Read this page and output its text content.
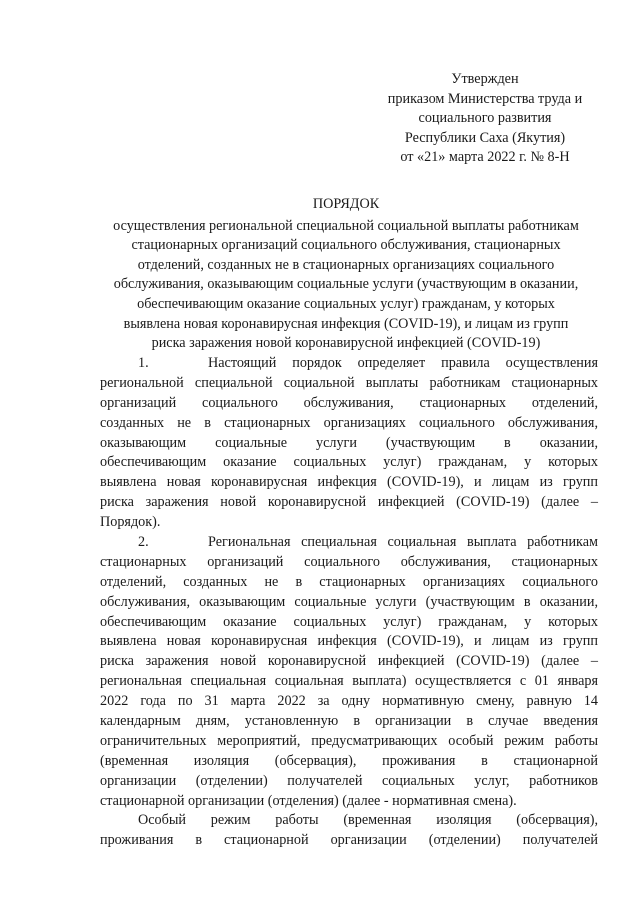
Утвержден
приказом Министерства труда и
социального развития
Республики Саха (Якутия)
от «21» марта 2022 г. № 8-Н
ПОРЯДОК
осуществления региональной специальной социальной выплаты работникам
стационарных организаций социального обслуживания, стационарных
отделений, созданных не в стационарных организациях социального
обслуживания, оказывающим социальные услуги (участвующим в оказании,
обеспечивающим оказание социальных услуг) гражданам, у которых
выявлена новая коронавирусная инфекция (COVID-19), и лицам из групп
риска заражения новой коронавирусной инфекцией (COVID-19)
1.	Настоящий порядок определяет правила осуществления
региональной специальной социальной выплаты работникам стационарных
организаций социального обслуживания, стационарных отделений,
созданных не в стационарных организациях социального обслуживания,
оказывающим социальные услуги (участвующим в оказании,
обеспечивающим оказание социальных услуг) гражданам, у которых
выявлена новая коронавирусная инфекция (COVID-19), и лицам из групп
риска заражения новой коронавирусной инфекцией (COVID-19) (далее –
Порядок).
2.	Региональная специальная социальная выплата работникам
стационарных организаций социального обслуживания, стационарных
отделений, созданных не в стационарных организациях социального
обслуживания, оказывающим социальные услуги (участвующим в оказании,
обеспечивающим оказание социальных услуг) гражданам, у которых
выявлена новая коронавирусная инфекция (COVID-19), и лицам из групп
риска заражения новой коронавирусной инфекцией (COVID-19) (далее –
региональная специальная социальная выплата) осуществляется с 01 января
2022 года по 31 марта 2022 за одну нормативную смену, равную 14
календарным дням, установленную в организации в случае введения
ограничительных мероприятий, предусматривающих особый режим работы
(временная изоляция (обсервация), проживания в стационарной
организации (отделении) получателей социальных услуг, работников
стационарной организации (отделения) (далее - нормативная смена).
Особый режим работы (временная изоляция (обсервация),
проживания в стационарной организации (отделении) получателей
